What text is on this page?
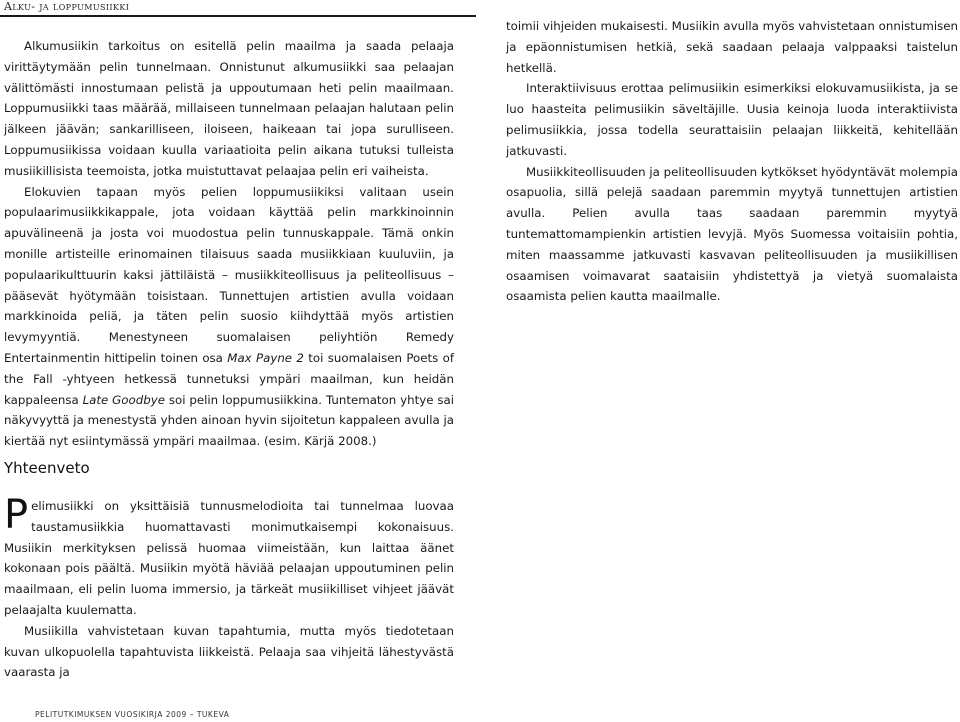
Alku- ja loppumusiikki

Alkumusiikin tarkoitus on esitellä pelin maailma ja saada pelaaja virittäytymään pelin tunnelmaan. Onnistunut alkumusiikki saa pelaajan välittömästi innostumaan pelistä ja uppoutumaan heti pelin maailmaan. Loppumusiikki taas määrää, millaiseen tunnelmaan pelaajan halutaan pelin jälkeen jäävän; sankarilliseen, iloiseen, haikeaan tai jopa surulliseen. Loppumusiikissa voidaan kuulla variaatioita pelin aikana tutuksi tulleista musiikillisista teemoista, jotka muistuttavat pelaajaa pelin eri vaiheista.

Elokuvien tapaan myös pelien loppumusiikiksi valitaan usein populaarimusiikkikappale, jota voidaan käyttää pelin markkinoinnin apuvälineenä ja josta voi muodostua pelin tunnuskappale. Tämä onkin monille artisteille erinomainen tilaisuus saada musiikkiaan kuuluviin, ja populaarikulttuurin kaksi jättiläistä – musiikkiteollisuus ja peliteollisuus – pääsevät hyötymään toisistaan. Tunnettujen artistien avulla voidaan markkinoida peliä, ja täten pelin suosio kiihdyttää myös artistien levymyyntiä. Menestyneen suomalaisen peliyhtiön Remedy Entertainmentin hittipelin toinen osa Max Payne 2 toi suomalaisen Poets of the Fall -yhtyeen hetkessä tunnetuksi ympäri maailman, kun heidän kappaleensa Late Goodbye soi pelin loppumusiikkina. Tuntematon yhtye sai näkyvyyttä ja menestystä yhden ainoan hyvin sijoitetun kappaleen avulla ja kiertää nyt esiintymässä ympäri maailmaa. (esim. Kärjä 2008.)

Yhteenveto

Pelimusiikki on yksittäisiä tunnusmelodioita tai tunnelmaa luovaa taustamusiikkia huomattavasti monimutkaisempi kokonaisuus. Musiikin merkityksen pelissä huomaa viimeistään, kun laittaa äänet kokonaan pois päältä. Musiikin myötä häviää pelaajan uppoutuminen pelin maailmaan, eli pelin luoma immersio, ja tärkeät musiikilliset vihjeet jäävät pelaajalta kuulematta.

Musiikilla vahvistetaan kuvan tapahtumia, mutta myös tiedotetaan kuvan ulkopuolella tapahtuvista liikkeistä. Pelaaja saa vihjeitä lähestyvästä vaarasta ja

toimii vihjeiden mukaisesti. Musiikin avulla myös vahvistetaan onnistumisen ja epäonnistumisen hetkiä, sekä saadaan pelaaja valppaaksi taistelun hetkellä.

Interaktiivisuus erottaa pelimusiikin esimerkiksi elokuvamusiikista, ja se luo haasteita pelimusiikin säveltäjille. Uusia keinoja luoda interaktiivista pelimusiikkia, jossa todella seurattaisiin pelaajan liikkeitä, kehitellään jatkuvasti.

Musiikkiteollisuuden ja peliteollisuuden kytkökset hyödyntävät molempia osapuolia, sillä pelejä saadaan paremmin myytyä tunnettujen artistien avulla. Pelien avulla taas saadaan paremmin myytyä tuntemattomampienkin artistien levyjä. Myös Suomessa voitaisiin pohtia, miten maassamme jatkuvasti kasvavan peliteollisuuden ja musiikillisen osaamisen voimavarat saataisiin yhdistettyä ja vietyä suomalaista osaamista pelien kautta maailmalle.

PELITUTKIMUKSEN VUOSIKIRJA 2009 – TUKEVA
